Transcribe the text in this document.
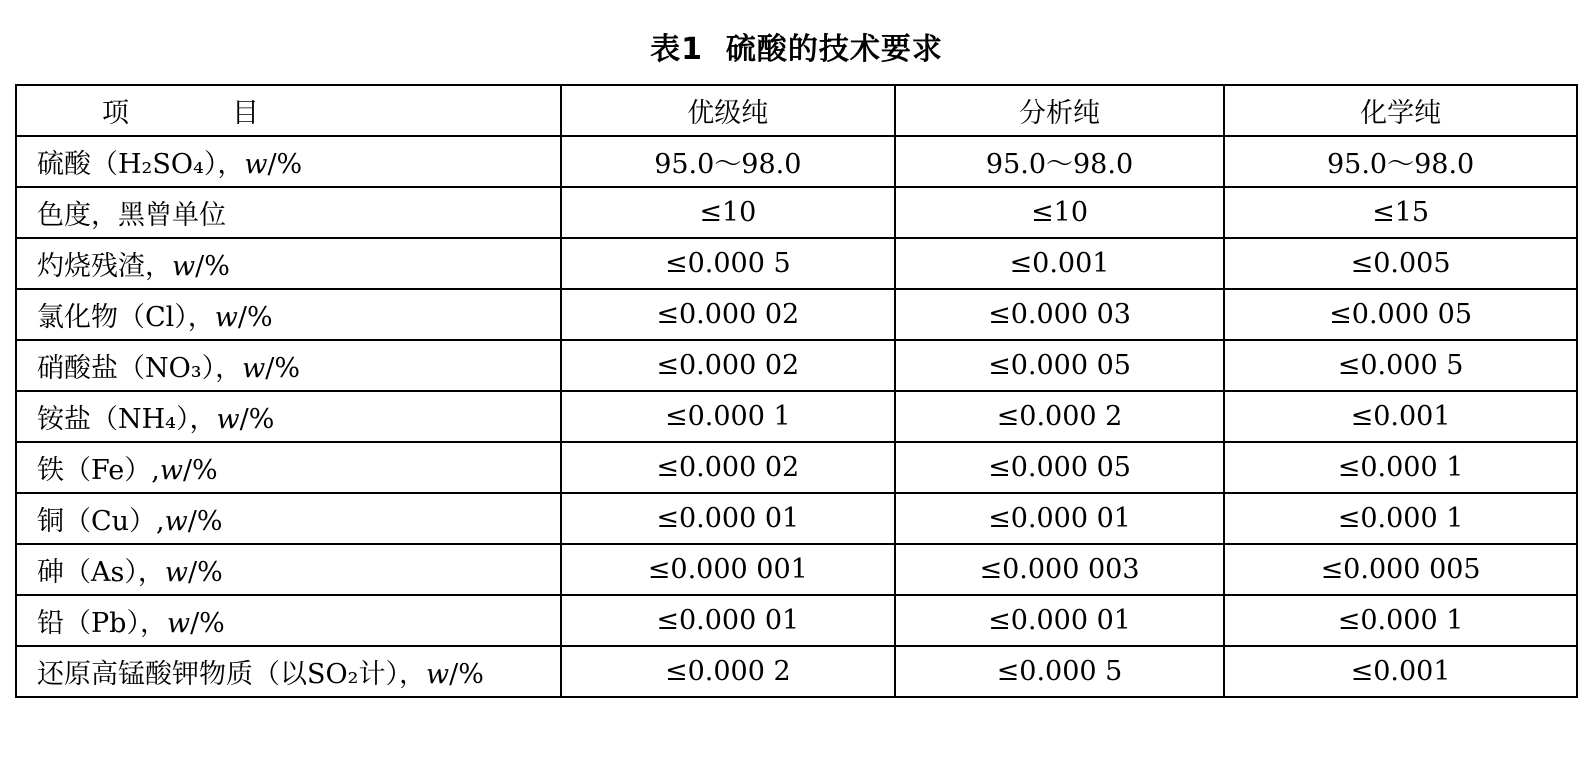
表1  硫酸的技术要求
项            目	优级纯	分析纯	化学纯
硫酸（H₂SO₄），w/%	95.0～98.0	95.0～98.0	95.0～98.0
色度，黑曾单位	≤10	≤10	≤15
灼烧残渣，w/%	≤0.000 5	≤0.001	≤0.005
氯化物（Cl），w/%	≤0.000 02	≤0.000 03	≤0.000 05
硝酸盐（NO₃），w/%	≤0.000 02	≤0.000 05	≤0.000 5
铵盐（NH₄），w/%	≤0.000 1	≤0.000 2	≤0.001
铁（Fe）,w/%	≤0.000 02	≤0.000 05	≤0.000 1
铜（Cu）,w/%	≤0.000 01	≤0.000 01	≤0.000 1
砷（As），w/%	≤0.000 001	≤0.000 003	≤0.000 005
铅（Pb），w/%	≤0.000 01	≤0.000 01	≤0.000 1
还原高锰酸钾物质（以SO₂计），w/%	≤0.000 2	≤0.000 5	≤0.001
